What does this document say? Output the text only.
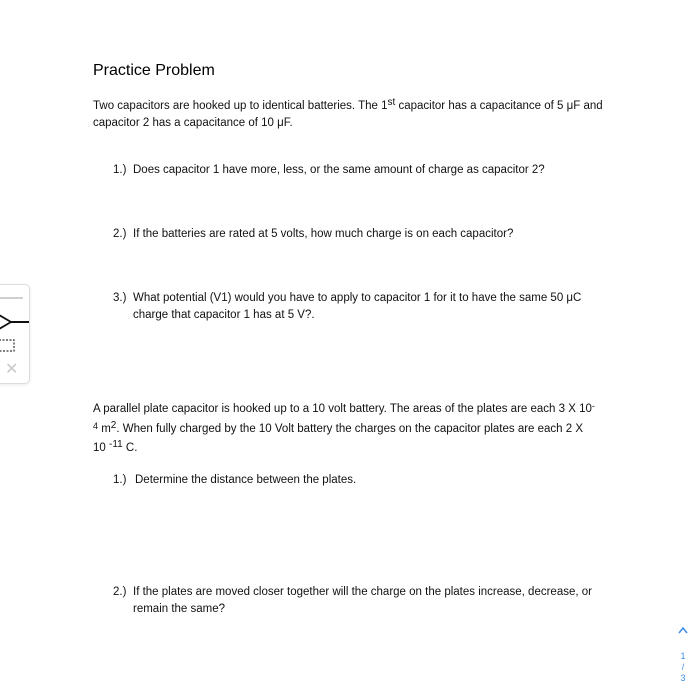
Practice Problem
Two capacitors are hooked up to identical batteries. The 1st capacitor has a capacitance of 5 μF and capacitor 2 has a capacitance of 10 μF.
1.) Does capacitor 1 have more, less, or the same amount of charge as capacitor 2?
2.) If the batteries are rated at 5 volts, how much charge is on each capacitor?
3.) What potential (V1) would you have to apply to capacitor 1 for it to have the same 50 μC charge that capacitor 1 has at 5 V?.
A parallel plate capacitor is hooked up to a 10 volt battery. The areas of the plates are each 3 X $10^{-4}$ $m^2$. When fully charged by the 10 Volt battery the charges on the capacitor plates are each 2 X 10 $^{-11}$ C.
1.) Determine the distance between the plates.
2.) If the plates are moved closer together will the charge on the plates increase, decrease, or remain the same?
✕
1
/
3
